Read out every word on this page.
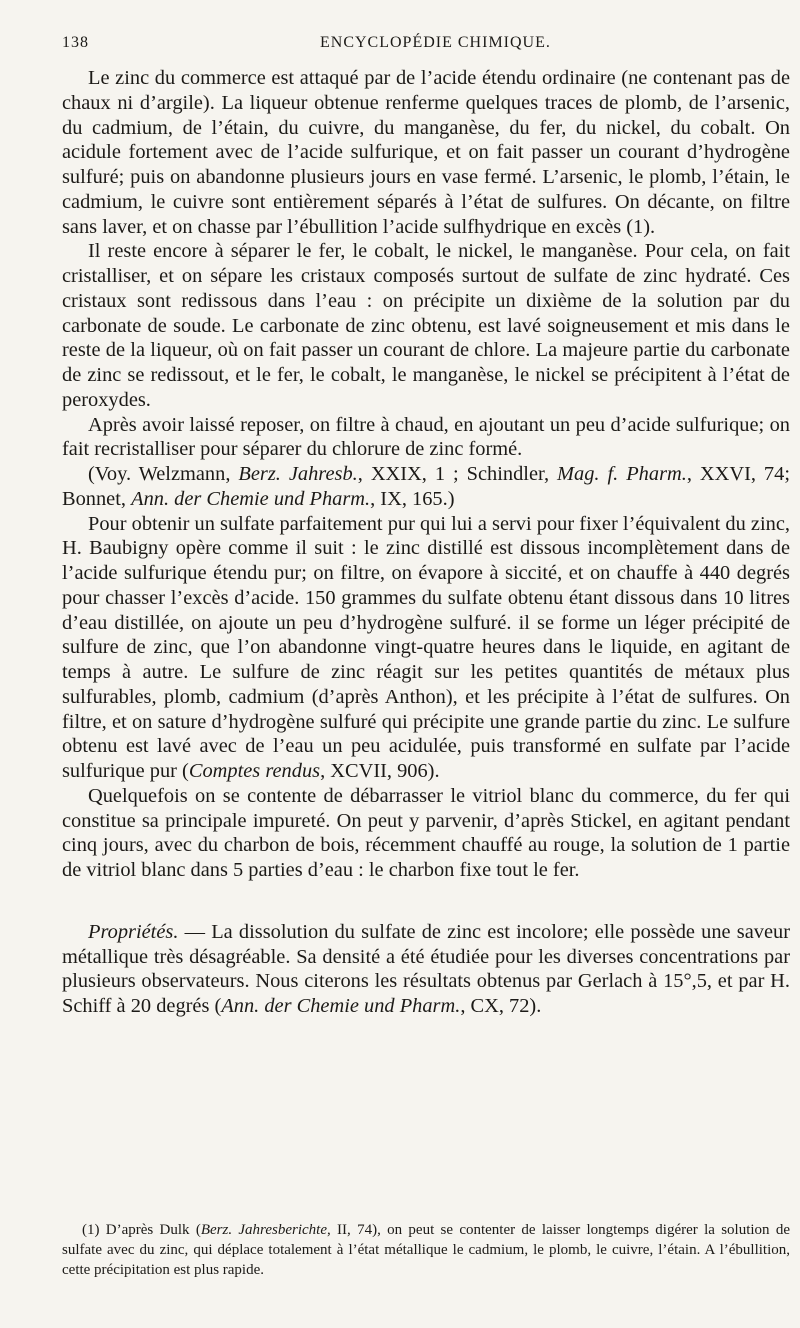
138	ENCYCLOPÉDIE CHIMIQUE.

Le zinc du commerce est attaqué par de l’acide étendu ordinaire (ne contenant pas de chaux ni d’argile). La liqueur obtenue renferme quelques traces de plomb, de l’arsenic, du cadmium, de l’étain, du cuivre, du manganèse, du fer, du nickel, du cobalt. On acidule fortement avec de l’acide sulfurique, et on fait passer un courant d’hydrogène sulfuré; puis on abandonne plusieurs jours en vase fermé. L’arsenic, le plomb, l’étain, le cadmium, le cuivre sont entièrement séparés à l’état de sulfures. On décante, on filtre sans laver, et on chasse par l’ébullition l’acide sulfhydrique en excès (1).

Il reste encore à séparer le fer, le cobalt, le nickel, le manganèse. Pour cela, on fait cristalliser, et on sépare les cristaux composés surtout de sulfate de zinc hydraté. Ces cristaux sont redissous dans l’eau : on précipite un dixième de la solution par du carbonate de soude. Le carbonate de zinc obtenu, est lavé soigneusement et mis dans le reste de la liqueur, où on fait passer un courant de chlore. La majeure partie du carbonate de zinc se redissout, et le fer, le cobalt, le manganèse, le nickel se précipitent à l’état de peroxydes.

Après avoir laissé reposer, on filtre à chaud, en ajoutant un peu d’acide sulfurique; on fait recristalliser pour séparer du chlorure de zinc formé.

(Voy. Welzmann, Berz. Jahresb., XXIX, 1 ; Schindler, Mag. f. Pharm., XXVI, 74; Bonnet, Ann. der Chemie und Pharm., IX, 165.)

Pour obtenir un sulfate parfaitement pur qui lui a servi pour fixer l’équivalent du zinc, H. Baubigny opère comme il suit : le zinc distillé est dissous incomplètement dans de l’acide sulfurique étendu pur; on filtre, on évapore à siccité, et on chauffe à 440 degrés pour chasser l’excès d’acide. 150 grammes du sulfate obtenu étant dissous dans 10 litres d’eau distillée, on ajoute un peu d’hydrogène sulfuré. il se forme un léger précipité de sulfure de zinc, que l’on abandonne vingt-quatre heures dans le liquide, en agitant de temps à autre. Le sulfure de zinc réagit sur les petites quantités de métaux plus sulfurables, plomb, cadmium (d’après Anthon), et les précipite à l’état de sulfures. On filtre, et on sature d’hydrogène sulfuré qui précipite une grande partie du zinc. Le sulfure obtenu est lavé avec de l’eau un peu acidulée, puis transformé en sulfate par l’acide sulfurique pur (Comptes rendus, XCVII, 906).

Quelquefois on se contente de débarrasser le vitriol blanc du commerce, du fer qui constitue sa principale impureté. On peut y parvenir, d’après Stickel, en agitant pendant cinq jours, avec du charbon de bois, récemment chauffé au rouge, la solution de 1 partie de vitriol blanc dans 5 parties d’eau : le charbon fixe tout le fer.

Propriétés. — La dissolution du sulfate de zinc est incolore; elle possède une saveur métallique très désagréable. Sa densité a été étudiée pour les diverses concentrations par plusieurs observateurs. Nous citerons les résultats obtenus par Gerlach à 15°,5, et par H. Schiff à 20 degrés (Ann. der Chemie und Pharm., CX, 72).

(1) D’après Dulk (Berz. Jahresberichte, II, 74), on peut se contenter de laisser longtemps digérer la solution de sulfate avec du zinc, qui déplace totalement à l’état métallique le cadmium, le plomb, le cuivre, l’étain. A l’ébullition, cette précipitation est plus rapide.
